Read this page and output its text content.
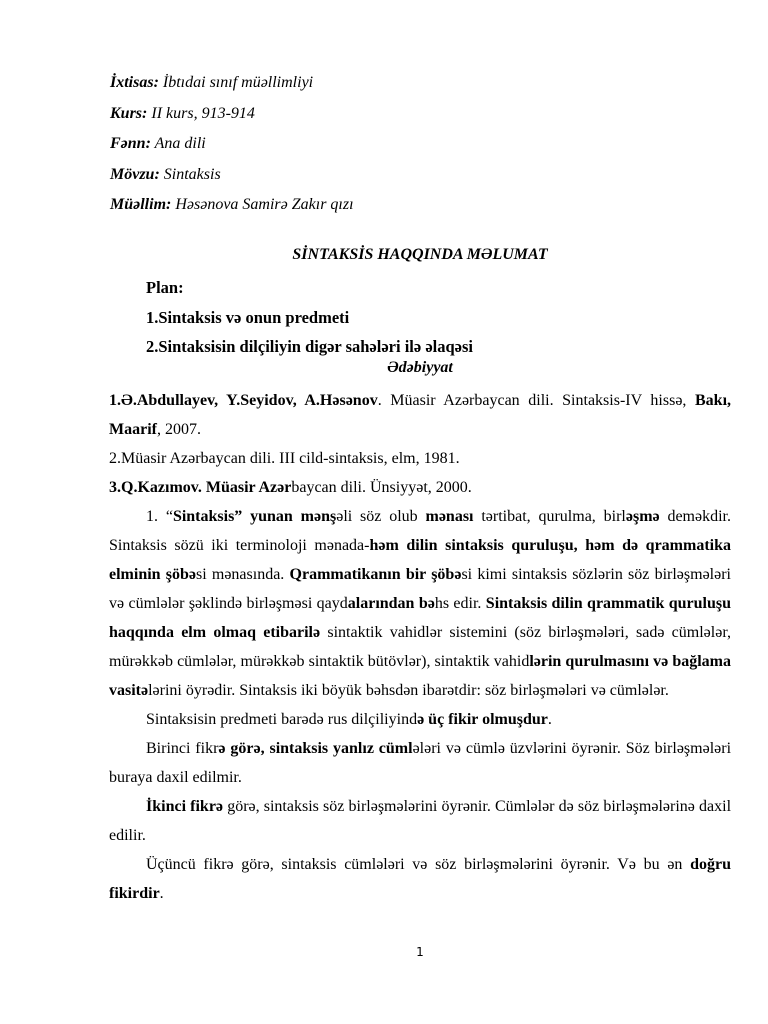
İxtisas: İbtıdai sınıf müəllimliyi
Kurs: II kurs, 913-914
Fənn: Ana dili
Mövzu: Sintaksis
Müəllim: Həsənova Samirə Zakır qızı
SİNTAKSİS HAQQINDA MƏLUMAT
Plan:
1.Sintaksis və onun predmeti
2.Sintaksisin dilçiliyin digər sahələri ilə əlaqəsi
Ədəbiyyat

1.Ə.Abdullayev, Y.Seyidov, A.Həsənov. Müasir Azərbaycan dili. Sintaksis-IV hissə, Bakı, Maarif, 2007.

2.Müasir Azərbaycan dili. III cild-sintaksis, elm, 1981.

3.Q.Kazımov. Müasir Azərbaycan dili. Ünsiyyət, 2000.

1. “Sintaksis” yunan mənşəli söz olub mənası tərtibat, qurulma, birləşmə deməkdir. Sintaksis sözü iki terminoloji mənada-həm dilin sintaksis quruluşu, həm də qrammatika elminin şöbəsi mənasında. Qrammatikanın bir şöbəsi kimi sintaksis sözlərin söz birləşmələri və cümlələr şəklində birləşməsi qaydalarından bəhs edir. Sintaksis dilin qrammatik quruluşu haqqında elm olmaq etibarilə sintaktik vahidlər sistemini (söz birləşmələri, sadə cümlələr, mürəkkəb cümlələr, mürəkkəb sintaktik bütövlər), sintaktik vahidlərin qurulmasını və bağlama vasitələrini öyrədir. Sintaksis iki böyük bəhsdən ibarətdir: söz birləşmələri və cümlələr.

Sintaksisin predmeti barədə rus dilçiliyində üç fikir olmuşdur.

Birinci fikrə görə, sintaksis yanlız cümlələri və cümlə üzvlərini öyrənir. Söz birləşmələri buraya daxil edilmir.

İkinci fikrə görə, sintaksis söz birləşmələrini öyrənir. Cümlələr də söz birləşmələrinə daxil edilir.

Üçüncü fikrə görə, sintaksis cümlələri və söz birləşmələrini öyrənir. Və bu ən doğru fikirdir.

1
